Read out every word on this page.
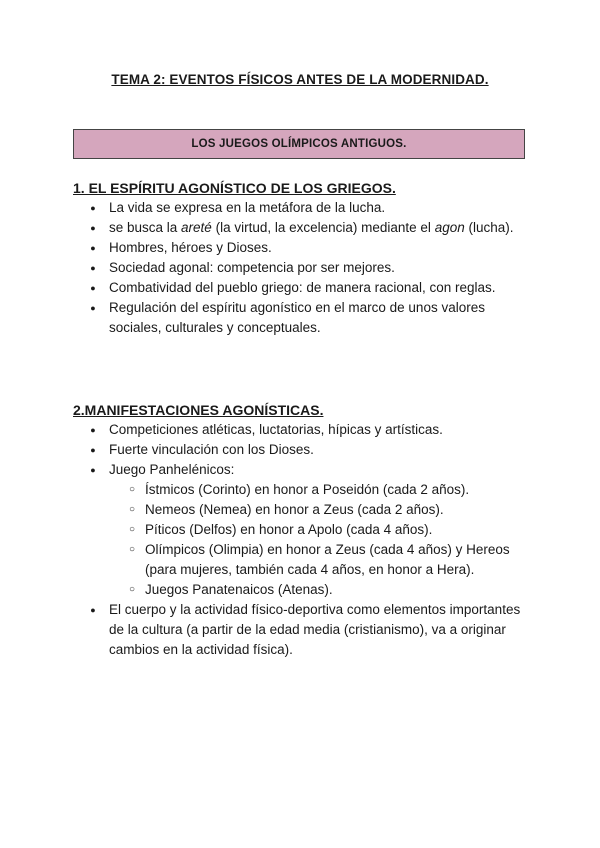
TEMA 2: EVENTOS FÍSICOS ANTES DE LA MODERNIDAD.
LOS JUEGOS OLÍMPICOS ANTIGUOS.
1. EL ESPÍRITU AGONÍSTICO DE LOS GRIEGOS.
● La vida se expresa en la metáfora de la lucha.
● se busca la areté (la virtud, la excelencia) mediante el agon (lucha).
● Hombres, héroes y Dioses.
● Sociedad agonal: competencia por ser mejores.
● Combatividad del pueblo griego: de manera racional, con reglas.
● Regulación del espíritu agonístico en el marco de unos valores sociales, culturales y conceptuales.
2.MANIFESTACIONES AGONÍSTICAS.
● Competiciones atléticas, luctatorias, hípicas y artísticas.
● Fuerte vinculación con los Dioses.
● Juego Panhelénicos:
○ Ístmicos (Corinto) en honor a Poseidón (cada 2 años).
○ Nemeos (Nemea) en honor a Zeus (cada 2 años).
○ Píticos (Delfos) en honor a Apolo (cada 4 años).
○ Olímpicos (Olimpia) en honor a Zeus (cada 4 años) y Hereos (para mujeres, también cada 4 años, en honor a Hera).
○ Juegos Panatenaicos (Atenas).
● El cuerpo y la actividad físico-deportiva como elementos importantes de la cultura (a partir de la edad media (cristianismo), va a originar cambios en la actividad física).
